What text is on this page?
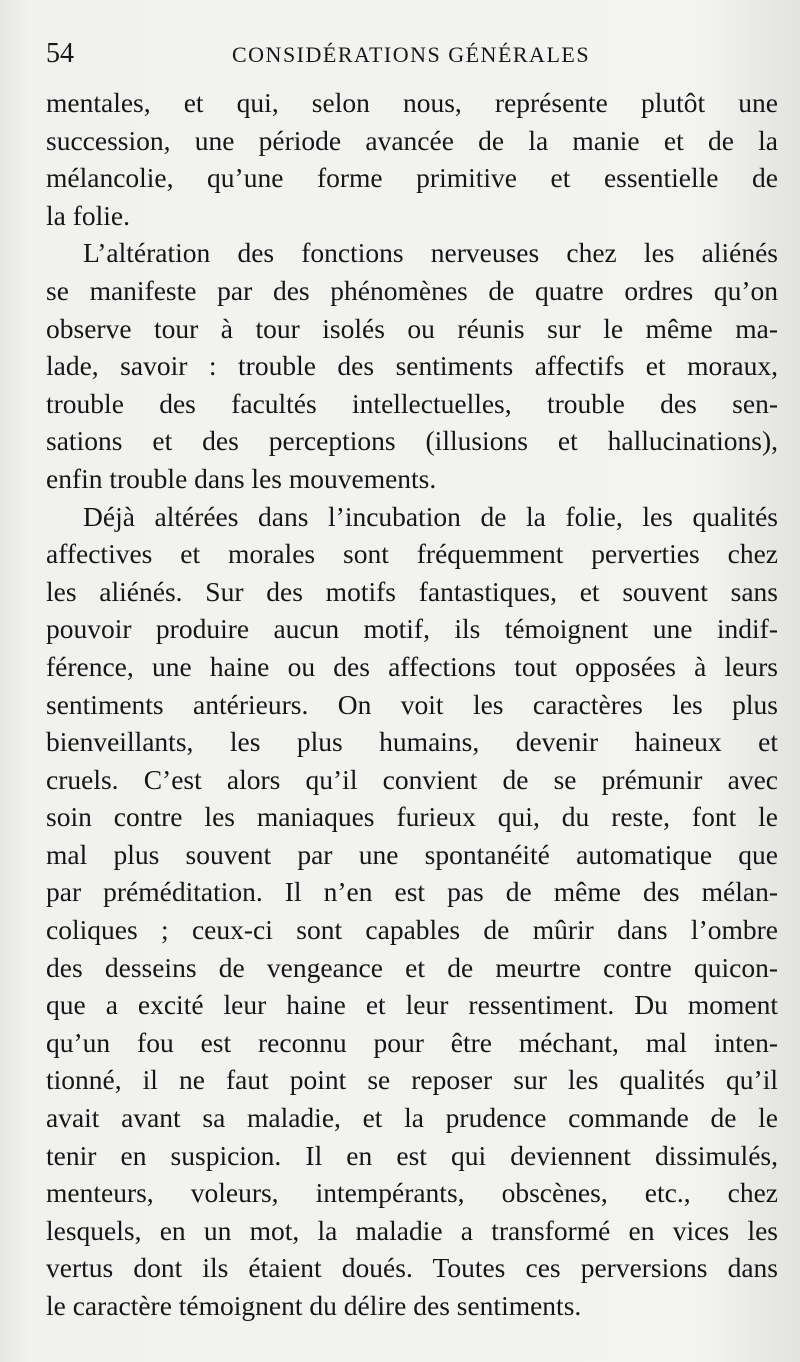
54	CONSIDÉRATIONS GÉNÉRALES
mentales, et qui, selon nous, représente plutôt une
succession, une période avancée de la manie et de la
mélancolie, qu’une forme primitive et essentielle de
la folie.
L’altération des fonctions nerveuses chez les aliénés
se manifeste par des phénomènes de quatre ordres qu’on
observe tour à tour isolés ou réunis sur le même ma-
lade, savoir : trouble des sentiments affectifs et moraux,
trouble des facultés intellectuelles, trouble des sen-
sations et des perceptions (illusions et hallucinations),
enfin trouble dans les mouvements.
Déjà altérées dans l’incubation de la folie, les qualités
affectives et morales sont fréquemment perverties chez
les aliénés. Sur des motifs fantastiques, et souvent sans
pouvoir produire aucun motif, ils témoignent une indif-
férence, une haine ou des affections tout opposées à leurs
sentiments antérieurs. On voit les caractères les plus
bienveillants, les plus humains, devenir haineux et
cruels. C’est alors qu’il convient de se prémunir avec
soin contre les maniaques furieux qui, du reste, font le
mal plus souvent par une spontanéité automatique que
par préméditation. Il n’en est pas de même des mélan-
coliques ; ceux-ci sont capables de mûrir dans l’ombre
des desseins de vengeance et de meurtre contre quicon-
que a excité leur haine et leur ressentiment. Du moment
qu’un fou est reconnu pour être méchant, mal inten-
tionné, il ne faut point se reposer sur les qualités qu’il
avait avant sa maladie, et la prudence commande de le
tenir en suspicion. Il en est qui deviennent dissimulés,
menteurs, voleurs, intempérants, obscènes, etc., chez
lesquels, en un mot, la maladie a transformé en vices les
vertus dont ils étaient doués. Toutes ces perversions dans
le caractère témoignent du délire des sentiments.
